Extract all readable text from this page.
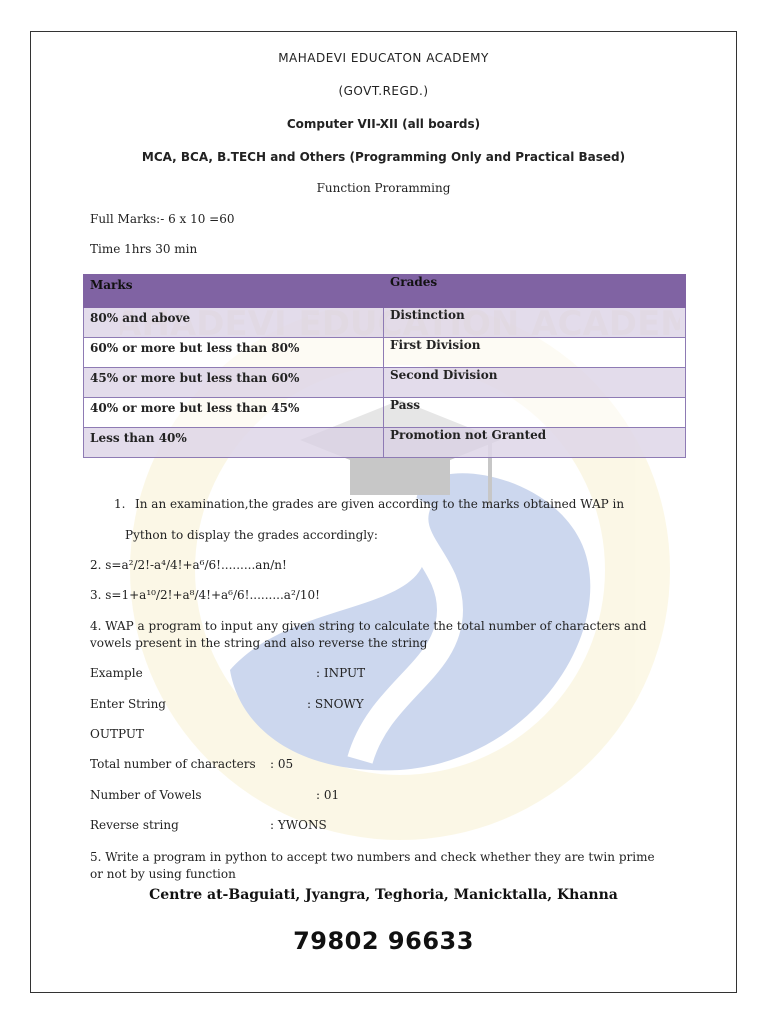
MAHADEVI EDUCATON ACADEMY
(GOVT.REGD.)
Computer VII-XII (all boards)
MCA, BCA, B.TECH and Others (Programming Only and Practical Based)
Function Proramming
Full Marks:- 6 x 10 =60
Time 1hrs 30 min
Marks	Grades
80% and above	Distinction
60% or more but less than 80%	First Division
45% or more but less than 60%	Second Division
40% or more but less than 45%	Pass
Less than 40%	Promotion not Granted
1. In an examination,the grades are given according to the marks obtained WAP in
Python to display the grades accordingly:
2. s=a²/2!-a⁴/4!+a⁶/6!.........an/n!
3. s=1+a¹⁰/2!+a⁸/4!+a⁶/6!.........a²/10!
4. WAP a program to input any given string to calculate the total number of characters and vowels present in the string and also reverse the string
Example	: INPUT
Enter String	: SNOWY
OUTPUT
Total number of characters : 05
Number of Vowels	: 01
Reverse string	: YWONS
5. Write a program in python to accept two numbers and check whether they are twin prime or not by using function
Centre at-Baguiati, Jyangra, Teghoria, Manicktalla, Khanna
79802 96633
